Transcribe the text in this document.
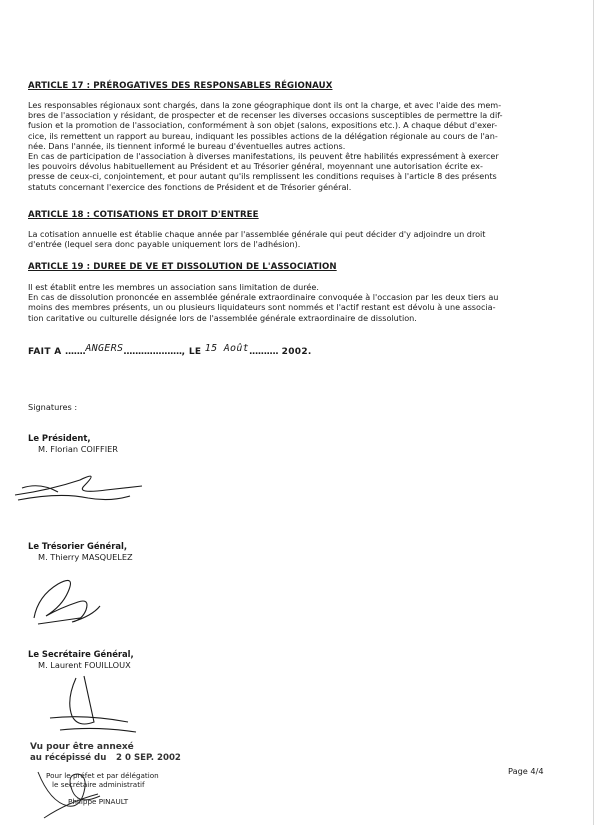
ARTICLE 17 : PRÉROGATIVES DES RESPONSABLES RÉGIONAUX

Les responsables régionaux sont chargés, dans la zone géographique dont ils ont la charge, et avec l'aide des mem-
bres de l'association y résidant, de prospecter et de recenser les diverses occasions susceptibles de permettre la dif-
fusion et la promotion de l'association, conformément à son objet (salons, expositions etc.). A chaque début d'exer-
cice, ils remettent un rapport au bureau, indiquant les possibles actions de la délégation régionale au cours de l'an-
née. Dans l'année, ils tiennent informé le bureau d'éventuelles autres actions.
En cas de participation de l'association à diverses manifestations, ils peuvent être habilités expressément à exercer
les pouvoirs dévolus habituellement au Président et au Trésorier général, moyennant une autorisation écrite ex-
presse de ceux-ci, conjointement, et pour autant qu'ils remplissent les conditions requises à l'article 8 des présents
statuts concernant l'exercice des fonctions de Président et de Trésorier général.

ARTICLE 18 : COTISATIONS ET DROIT D'ENTREE

La cotisation annuelle est établie chaque année par l'assemblée générale qui peut décider d'y adjoindre un droit
d'entrée (lequel sera donc payable uniquement lors de l'adhésion).

ARTICLE 19 : DUREE DE VE ET DISSOLUTION DE L'ASSOCIATION

Il est établit entre les membres un association sans limitation de durée.
En cas de dissolution prononcée en assemblée générale extraordinaire convoquée à l'occasion par les deux tiers au
moins des membres présents, un ou plusieurs liquidateurs sont nommés et l'actif restant est dévolu à une associa-
tion caritative ou culturelle désignée lors de l'assemblée générale extraordinaire de dissolution.

FAIT A .......ANGERS...................., LE 15 Août.......... 2002.

Signatures :

Le Président,

M. Florian COIFFIER

Le Trésorier Général,

M. Thierry MASQUELEZ

Le Secrétaire Général,

M. Laurent FOUILLOUX

Vu pour être annexé

au récépissé du 2 0 SEP. 2002

Pour le préfet et par délégation

le secrétaire administratif

Philippe PINAULT

Page 4/4
